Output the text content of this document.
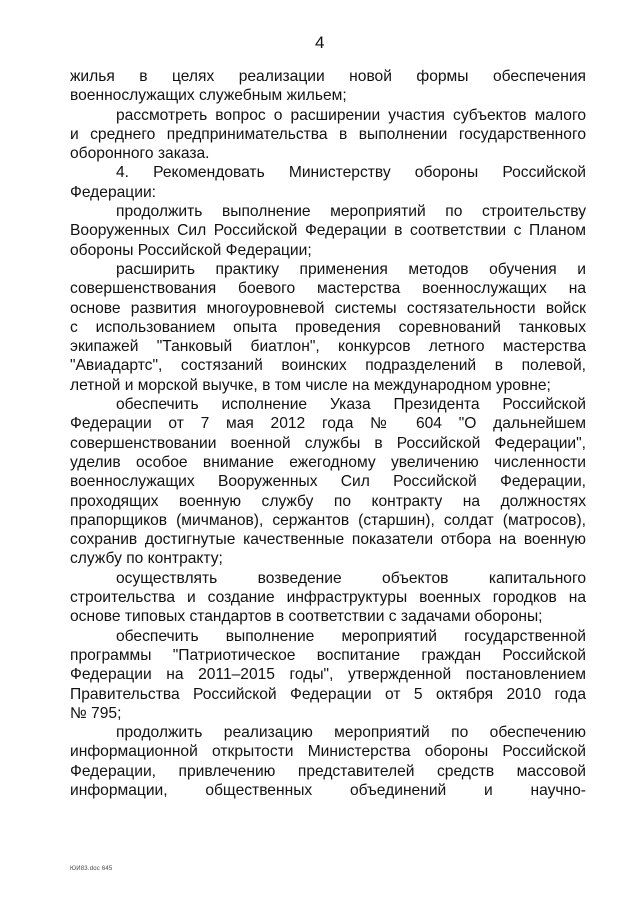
4
жилья в целях реализации новой формы обеспечения
военнослужащих служебным жильем;
рассмотреть вопрос о расширении участия субъектов малого
и среднего предпринимательства в выполнении государственного
оборонного заказа.
4. Рекомендовать Министерству обороны Российской
Федерации:
продолжить выполнение мероприятий по строительству
Вооруженных Сил Российской Федерации в соответствии с Планом
обороны Российской Федерации;
расширить практику применения методов обучения и
совершенствования боевого мастерства военнослужащих на
основе развития многоуровневой системы состязательности войск
с использованием опыта проведения соревнований танковых
экипажей "Танковый биатлон", конкурсов летного мастерства
"Авиадартс", состязаний воинских подразделений в полевой,
летной и морской выучке, в том числе на международном уровне;
обеспечить исполнение Указа Президента Российской
Федерации от 7 мая 2012 года № 604 "О дальнейшем
совершенствовании военной службы в Российской Федерации",
уделив особое внимание ежегодному увеличению численности
военнослужащих Вооруженных Сил Российской Федерации,
проходящих военную службу по контракту на должностях
прапорщиков (мичманов), сержантов (старшин), солдат (матросов),
сохранив достигнутые качественные показатели отбора на военную
службу по контракту;
осуществлять возведение объектов капитального
строительства и создание инфраструктуры военных городков на
основе типовых стандартов в соответствии с задачами обороны;
обеспечить выполнение мероприятий государственной
программы "Патриотическое воспитание граждан Российской
Федерации на 2011–2015 годы", утвержденной постановлением
Правительства Российской Федерации от 5 октября 2010 года
№ 795;
продолжить реализацию мероприятий по обеспечению
информационной открытости Министерства обороны Российской
Федерации, привлечению представителей средств массовой
информации, общественных объединений и научно-
ЮИ83.doc 645
